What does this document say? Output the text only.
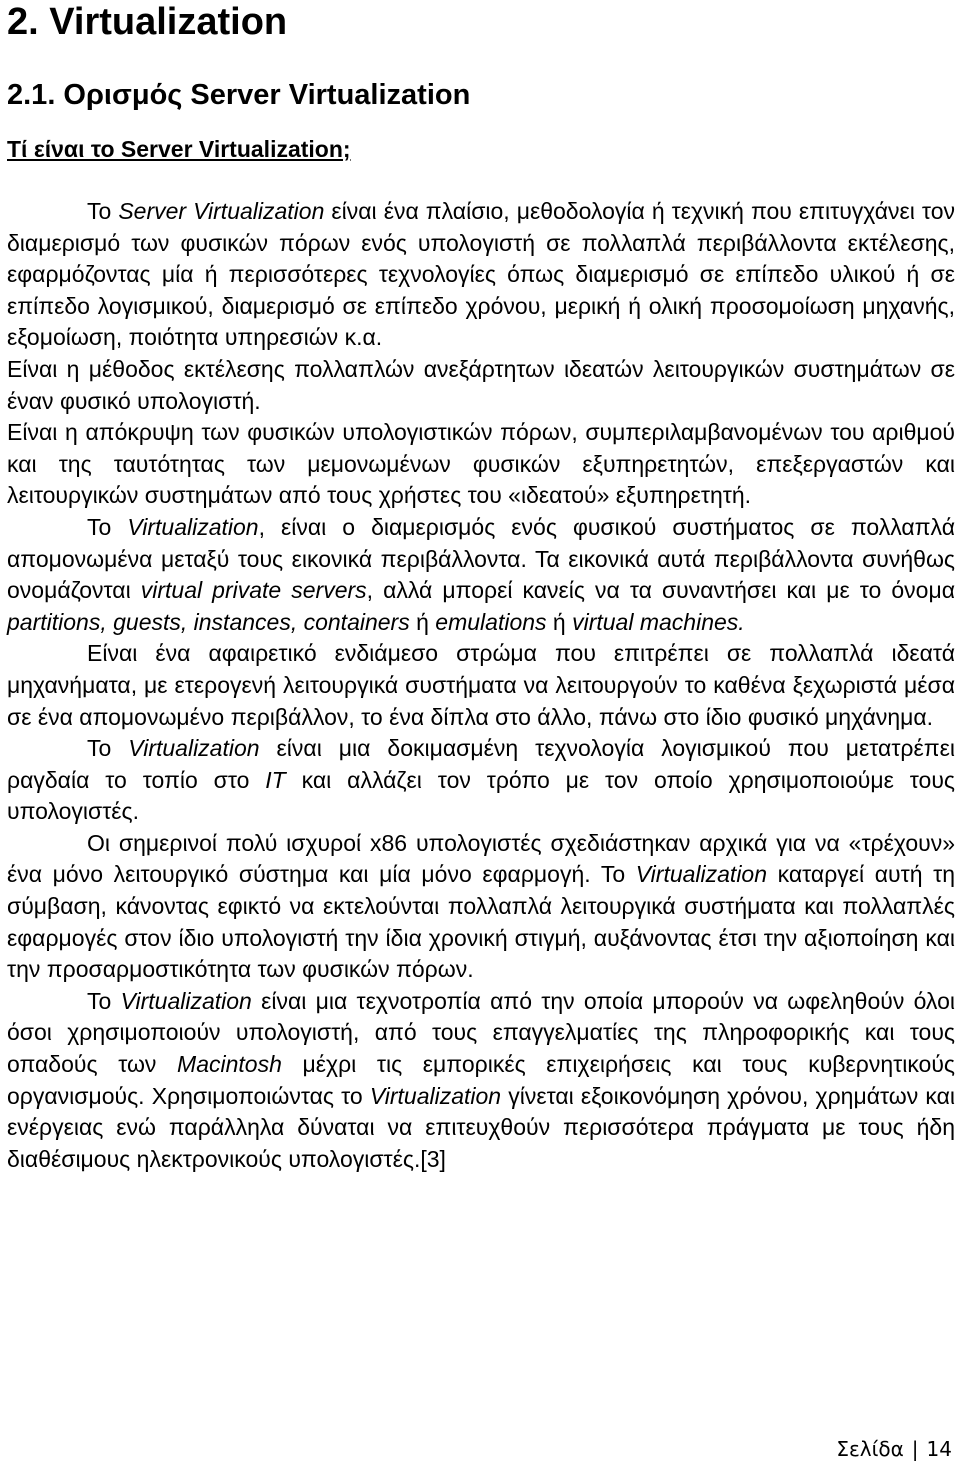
2. Virtualization
2.1. Ορισμός Server Virtualization
Τί είναι το Server Virtualization;

Το Server Virtualization είναι ένα πλαίσιο, μεθοδολογία ή τεχνική που επιτυγχάνει τον διαμερισμό των φυσικών πόρων ενός υπολογιστή σε πολλαπλά περιβάλλοντα εκτέλεσης, εφαρμόζοντας μία ή περισσότερες τεχνολογίες όπως διαμερισμό σε επίπεδο υλικού ή σε επίπεδο λογισμικού, διαμερισμό σε επίπεδο χρόνου, μερική ή ολική προσομοίωση μηχανής, εξομοίωση, ποιότητα υπηρεσιών κ.α.

Είναι η μέθοδος εκτέλεσης πολλαπλών ανεξάρτητων ιδεατών λειτουργικών συστημάτων σε έναν φυσικό υπολογιστή.

Είναι η απόκρυψη των φυσικών υπολογιστικών πόρων, συμπεριλαμβανομένων του αριθμού και της ταυτότητας των μεμονωμένων φυσικών εξυπηρετητών, επεξεργαστών και λειτουργικών συστημάτων από τους χρήστες του «ιδεατού» εξυπηρετητή.

Το Virtualization, είναι ο διαμερισμός ενός φυσικού συστήματος σε πολλαπλά απομονωμένα μεταξύ τους εικονικά περιβάλλοντα. Τα εικονικά αυτά περιβάλλοντα συνήθως ονομάζονται virtual private servers, αλλά μπορεί κανείς να τα συναντήσει και με το όνομα partitions, guests, instances, containers ή emulations ή virtual machines.

Είναι ένα αφαιρετικό ενδιάμεσο στρώμα που επιτρέπει σε πολλαπλά ιδεατά μηχανήματα, με ετερογενή λειτουργικά συστήματα να λειτουργούν το καθένα ξεχωριστά μέσα σε ένα απομονωμένο περιβάλλον, το ένα δίπλα στο άλλο, πάνω στο ίδιο φυσικό μηχάνημα.

Το Virtualization είναι μια δοκιμασμένη τεχνολογία λογισμικού που μετατρέπει ραγδαία το τοπίο στο IT και αλλάζει τον τρόπο με τον οποίο χρησιμοποιούμε τους υπολογιστές.

Οι σημερινοί πολύ ισχυροί x86 υπολογιστές σχεδιάστηκαν αρχικά για να «τρέχουν» ένα μόνο λειτουργικό σύστημα και μία μόνο εφαρμογή. Το Virtualization καταργεί αυτή τη σύμβαση, κάνοντας εφικτό να εκτελούνται πολλαπλά λειτουργικά συστήματα και πολλαπλές εφαρμογές στον ίδιο υπολογιστή την ίδια χρονική στιγμή, αυξάνοντας έτσι την αξιοποίηση και την προσαρμοστικότητα των φυσικών πόρων.

Το Virtualization είναι μια τεχνοτροπία από την οποία μπορούν να ωφεληθούν όλοι όσοι χρησιμοποιούν υπολογιστή, από τους επαγγελματίες της πληροφορικής και τους οπαδούς των Macintosh μέχρι τις εμπορικές επιχειρήσεις και τους κυβερνητικούς οργανισμούς. Χρησιμοποιώντας το Virtualization γίνεται εξοικονόμηση χρόνου, χρημάτων και ενέργειας ενώ παράλληλα δύναται να επιτευχθούν περισσότερα πράγματα με τους ήδη διαθέσιμους ηλεκτρονικούς υπολογιστές.[3]

Σελίδα | 14
